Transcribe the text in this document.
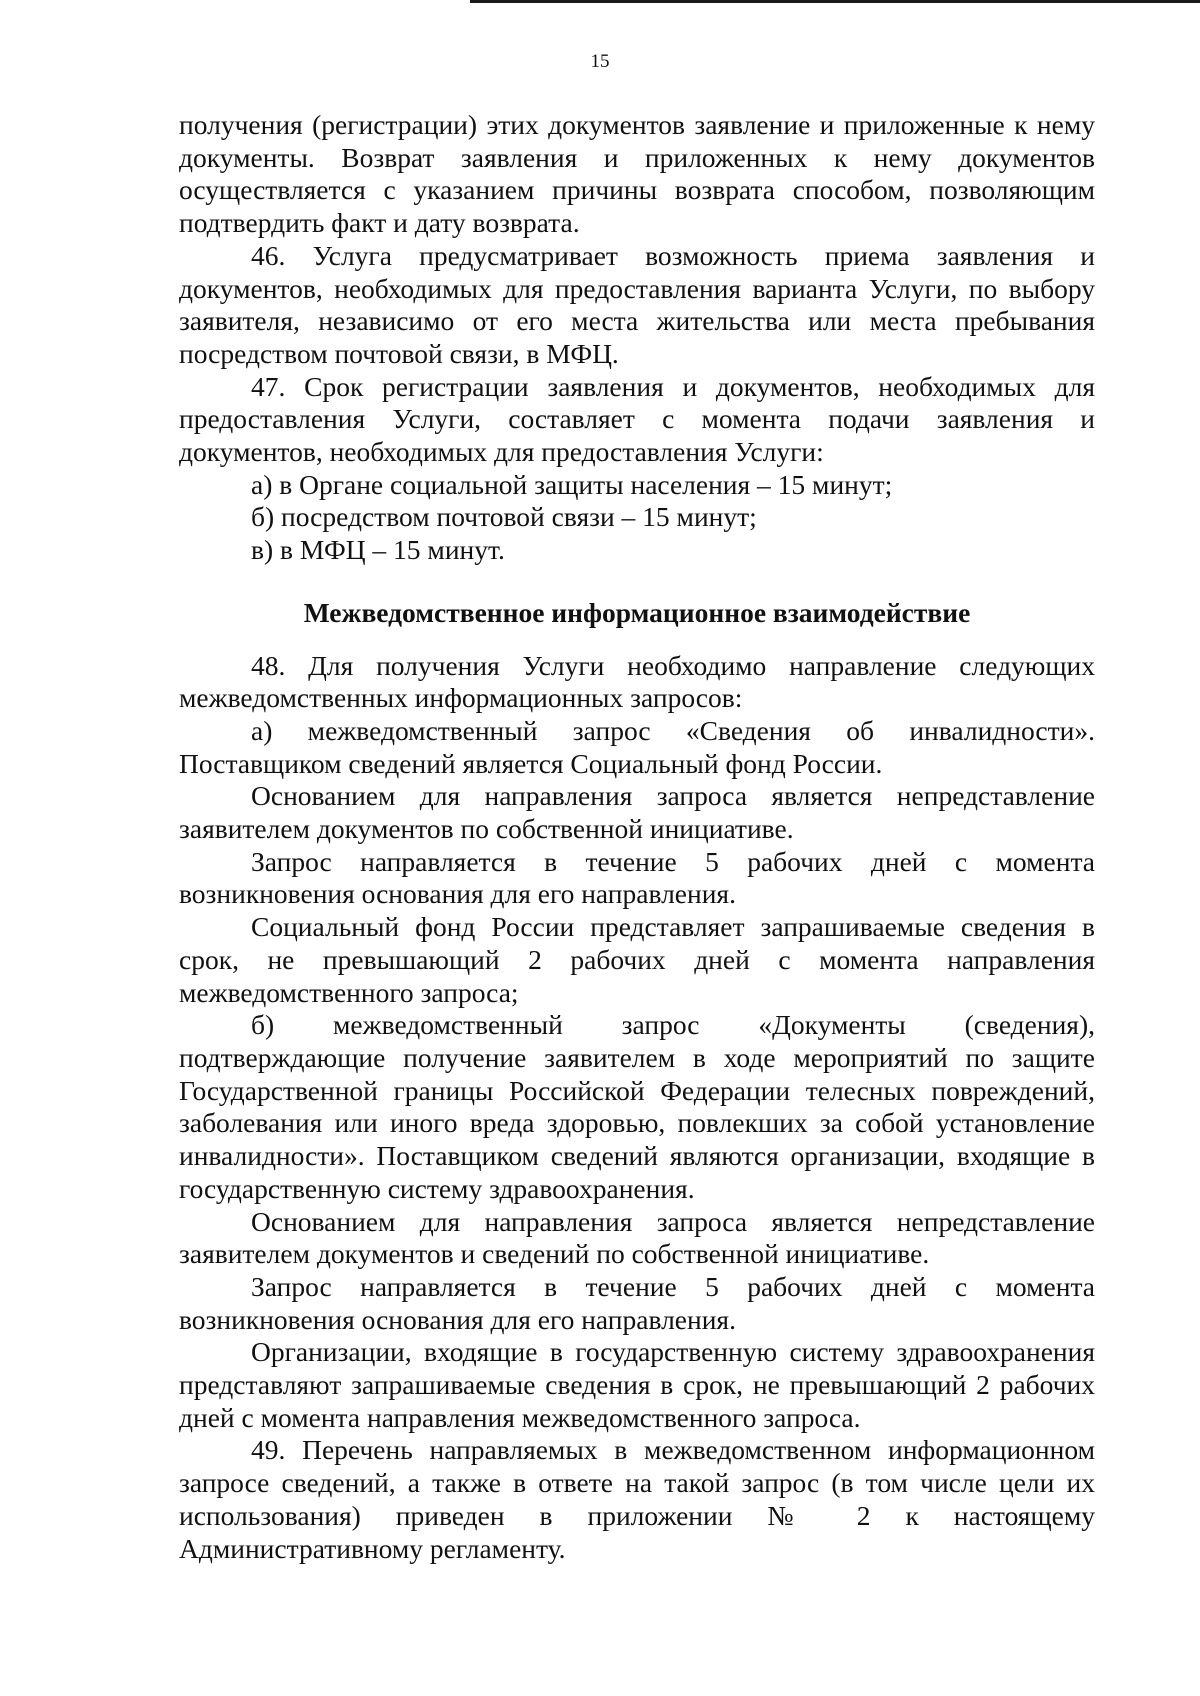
15

получения (регистрации) этих документов заявление и приложенные к нему документы. Возврат заявления и приложенных к нему документов осуществляется с указанием причины возврата способом, позволяющим подтвердить факт и дату возврата.

46. Услуга предусматривает возможность приема заявления и документов, необходимых для предоставления варианта Услуги, по выбору заявителя, независимо от его места жительства или места пребывания посредством почтовой связи, в МФЦ.

47. Срок регистрации заявления и документов, необходимых для предоставления Услуги, составляет с момента подачи заявления и документов, необходимых для предоставления Услуги:

а) в Органе социальной защиты населения – 15 минут;

б) посредством почтовой связи – 15 минут;

в) в МФЦ – 15 минут.

Межведомственное информационное взаимодействие

48. Для получения Услуги необходимо направление следующих межведомственных информационных запросов:

а) межведомственный запрос «Сведения об инвалидности». Поставщиком сведений является Социальный фонд России.

Основанием для направления запроса является непредставление заявителем документов по собственной инициативе.

Запрос направляется в течение 5 рабочих дней с момента возникновения основания для его направления.

Социальный фонд России представляет запрашиваемые сведения в срок, не превышающий 2 рабочих дней с момента направления межведомственного запроса;

б) межведомственный запрос «Документы (сведения), подтверждающие получение заявителем в ходе мероприятий по защите Государственной границы Российской Федерации телесных повреждений, заболевания или иного вреда здоровью, повлекших за собой установление инвалидности». Поставщиком сведений являются организации, входящие в государственную систему здравоохранения.

Основанием для направления запроса является непредставление заявителем документов и сведений по собственной инициативе.

Запрос направляется в течение 5 рабочих дней с момента возникновения основания для его направления.

Организации, входящие в государственную систему здравоохранения представляют запрашиваемые сведения в срок, не превышающий 2 рабочих дней с момента направления межведомственного запроса.

49. Перечень направляемых в межведомственном информационном запросе сведений, а также в ответе на такой запрос (в том числе цели их использования) приведен в приложении № 2 к настоящему Административному регламенту.
